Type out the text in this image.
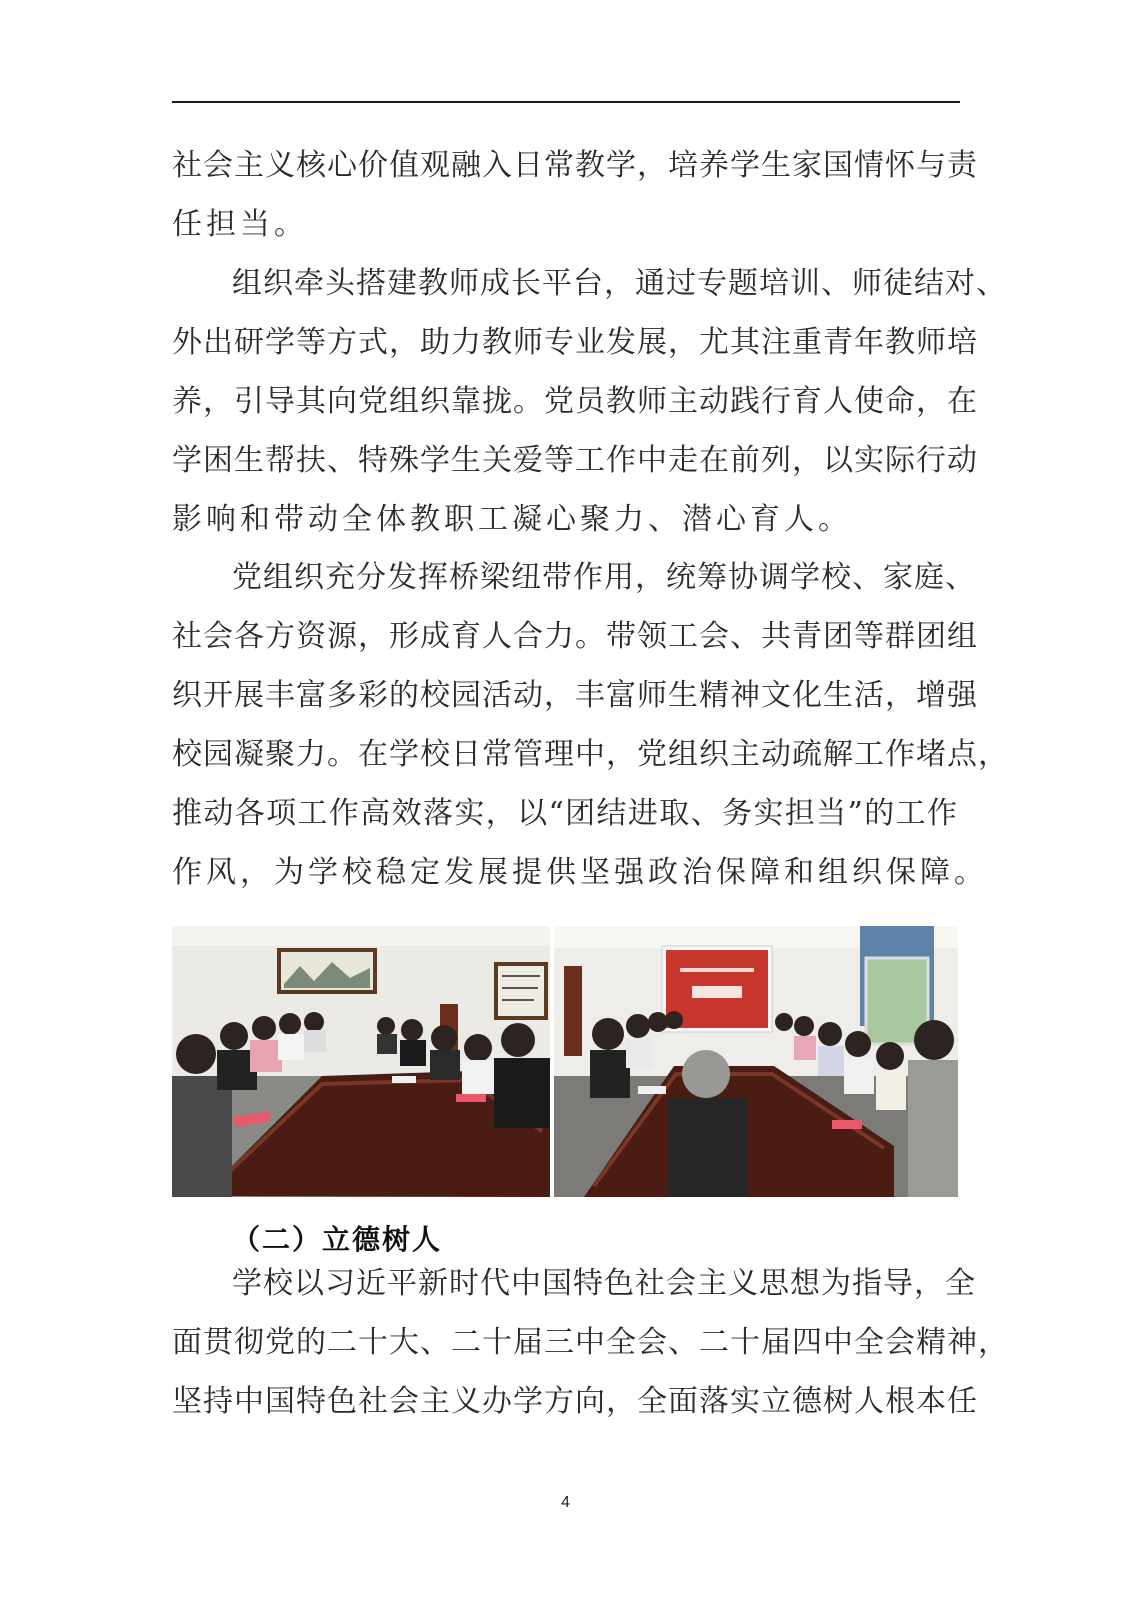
社会主义核心价值观融入日常教学，培养学生家国情怀与责
任担当。
组织牵头搭建教师成长平台，通过专题培训、师徒结对、
外出研学等方式，助力教师专业发展，尤其注重青年教师培
养，引导其向党组织靠拢。党员教师主动践行育人使命，在
学困生帮扶、特殊学生关爱等工作中走在前列，以实际行动
影响和带动全体教职工凝心聚力、潜心育人。
党组织充分发挥桥梁纽带作用，统筹协调学校、家庭、
社会各方资源，形成育人合力。带领工会、共青团等群团组
织开展丰富多彩的校园活动，丰富师生精神文化生活，增强
校园凝聚力。在学校日常管理中，党组织主动疏解工作堵点，
推动各项工作高效落实，以“团结进取、务实担当”的工作
作风，为学校稳定发展提供坚强政治保障和组织保障。
（二）立德树人
学校以习近平新时代中国特色社会主义思想为指导，全
面贯彻党的二十大、二十届三中全会、二十届四中全会精神，
坚持中国特色社会主义办学方向，全面落实立德树人根本任
4
